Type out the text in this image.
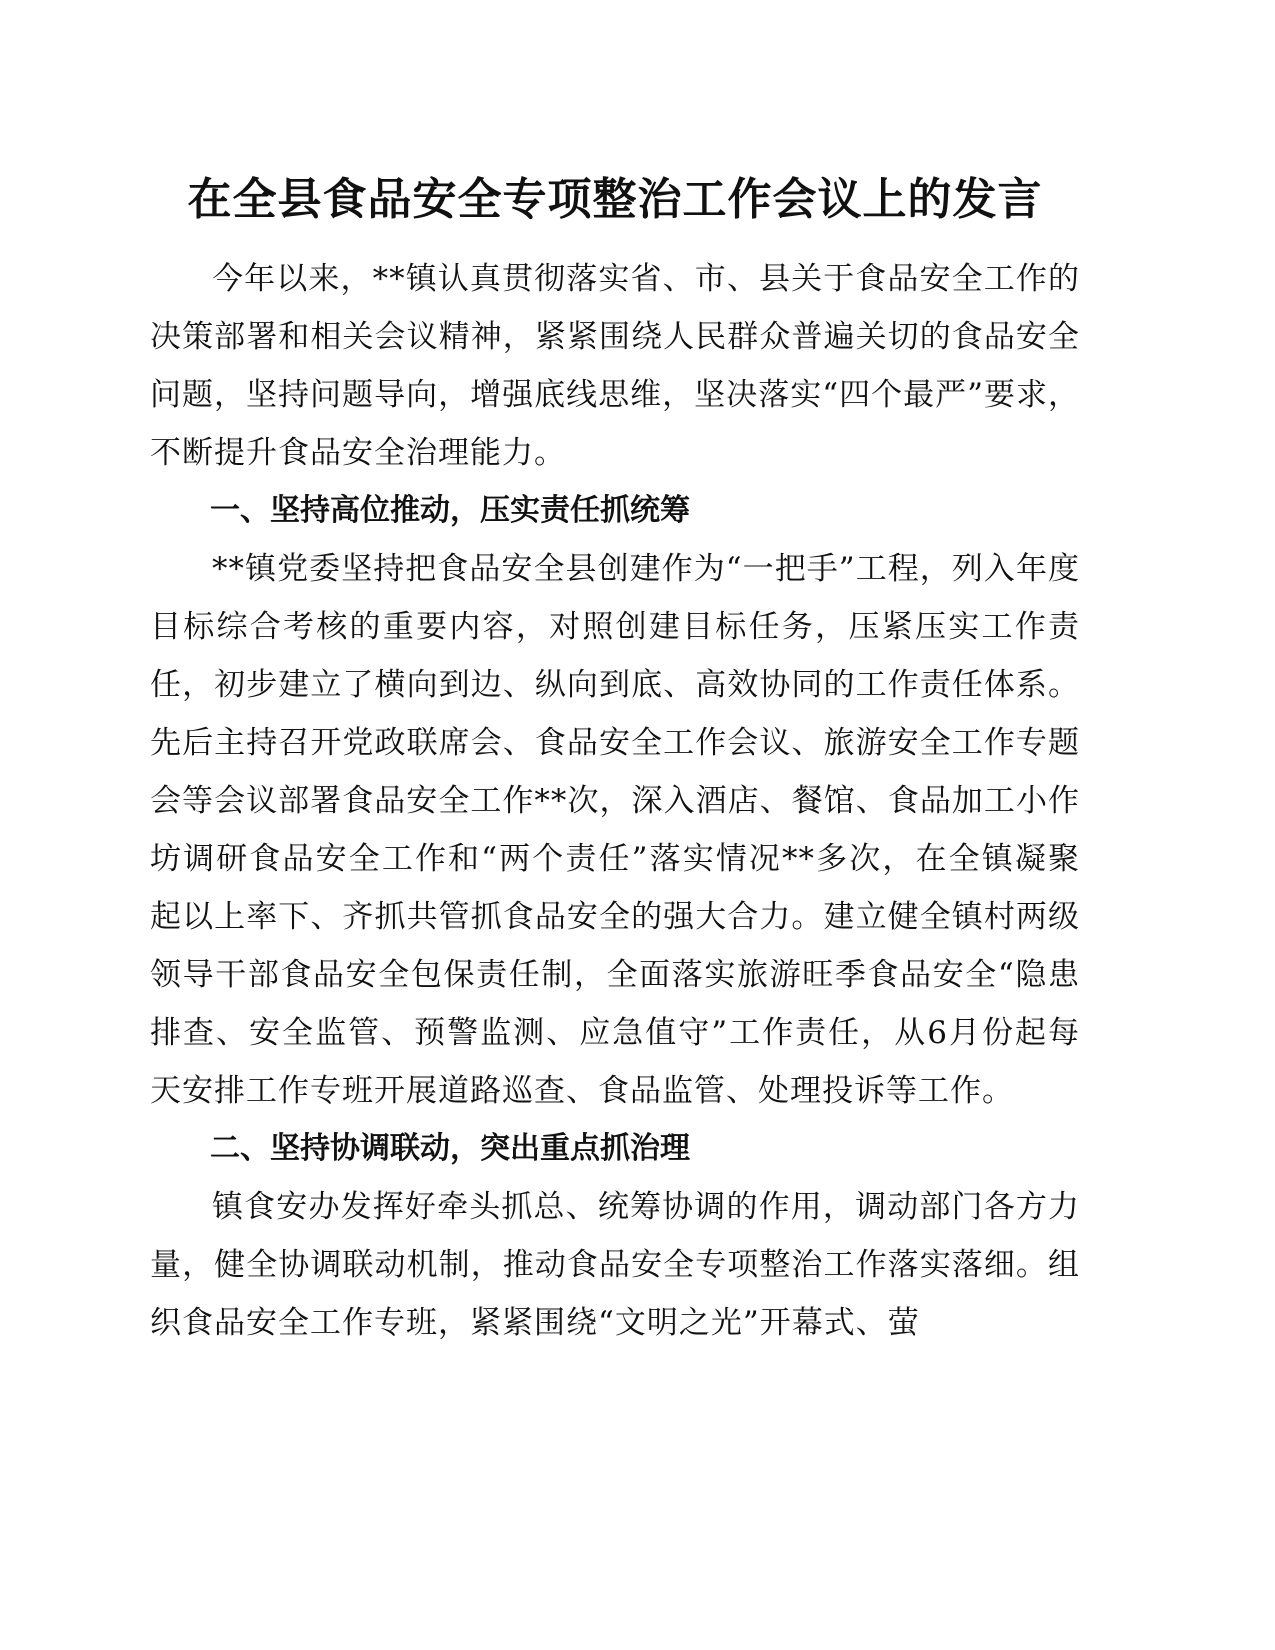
在全县食品安全专项整治工作会议上的发言

今年以来，**镇认真贯彻落实省、市、县关于食品安全工作的决策部署和相关会议精神，紧紧围绕人民群众普遍关切的食品安全问题，坚持问题导向，增强底线思维，坚决落实“四个最严”要求，不断提升食品安全治理能力。

一、坚持高位推动，压实责任抓统筹

**镇党委坚持把食品安全县创建作为“一把手”工程，列入年度目标综合考核的重要内容，对照创建目标任务，压紧压实工作责任，初步建立了横向到边、纵向到底、高效协同的工作责任体系。先后主持召开党政联席会、食品安全工作会议、旅游安全工作专题会等会议部署食品安全工作**次，深入酒店、餐馆、食品加工小作坊调研食品安全工作和“两个责任”落实情况**多次，在全镇凝聚起以上率下、齐抓共管抓食品安全的强大合力。建立健全镇村两级领导干部食品安全包保责任制，全面落实旅游旺季食品安全“隐患排查、安全监管、预警监测、应急值守”工作责任，从6月份起每天安排工作专班开展道路巡查、食品监管、处理投诉等工作。

二、坚持协调联动，突出重点抓治理

镇食安办发挥好牵头抓总、统筹协调的作用，调动部门各方力量，健全协调联动机制，推动食品安全专项整治工作落实落细。组织食品安全工作专班，紧紧围绕“文明之光”开幕式、萤
